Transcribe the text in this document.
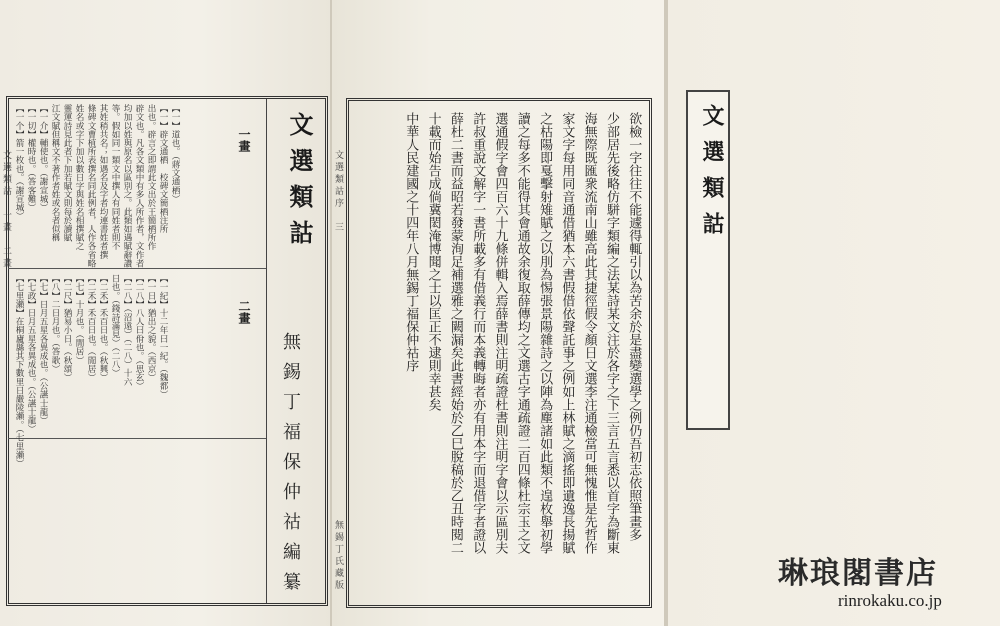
文選類詁
無錫丁福保仲祜編纂
一畫
二畫
【一】道也。（蔣文通栖）
【一】辟文通栖　校碑文簡栖注所
出也。辟言之即謂此文出於王簡栖所作
辟文也。凡各文類中有多人所作者，文作者
均加以姓與原名以區別之。此類如遇賦辭讚
等。假如同一類文中撰人有同姓者則不
其姓稍共名；如遇名及字者均連書姓者撰
條碑文曹植所表撰名同此例者，人作各省略
姓名或字下加以數日字與姓名相撰賦之
靈運詩見此者下加若賦文則每於讀賦
江文賦但稱文不著作者姓或名者似稱
【一介】輔使也。（謝宣城）
【一切】權時也。（答客難）
【一个】箭一枚也。（謝宣城）
【一紀】十二年曰一紀。（魏都）
【一日】猶出之貌。（西京）
【二八】八人曰佾也。（思玄）
【二八】（沼遠）（二八）十六
日也。（錢詩滿見）（二八）
【二禾】禾百日也。（秋興）
【二禾】禾百日也。（閒居）
【七】十月也。（閒居）
【二尺】猶易小日。（秋頌）
【八】二日月也。（答歌）
【七】日月五星各異成也。（公讌士龍）
【七政】日月五星各異成也。（公讌士龍）
【七里瀨】在桐廬縣其下數里日嚴陵瀨。（七里瀨）
文選類詁　一畫　二畫	欲檢一字往往不能遽得輒引以為苦余於是盡變選學之例仍吾初志依照筆畫多
少部居先後略仿駢字類編之法某詩某文注於各字之下三言五言悉以首字為斷東
海無際既匯衆流南山雖高此其捷徑假令顏日文選李注通檢當可無愧惟是先哲作
家文字每用同音通借猶本六書假借依聲託事之例如上林賦之滴搖即遺逸長揚賦
之枯陽即戛擊射雉賦之以刖為惕張景陽雜詩之以陣為塵諸如此類不遑枚舉初學
讀之每多不能得其會通故余復取薛傳均之文選古字通疏證二百四條杜宗玉之文
選通假字會四百六十九條併輯入焉薛書則注明疏證杜書則注明字會以示區別夫
許叔重說文解字一書所載多有借義行而本義轉晦者亦有用本字而退借字者證以
薛杜二書而益昭若發蒙洵足補選雅之闕漏矣此書經始於乙巳脫稿於乙丑時閱二
十載而始告成倘冀閎淹博聞之士以匡正不逮則幸甚矣
中華人民建國之十四年八月無錫丁福保仲祜序
文選類詁序　三
無錫丁氏藏版
文選類詁
琳琅閣書店
rinrokaku.co.jp
